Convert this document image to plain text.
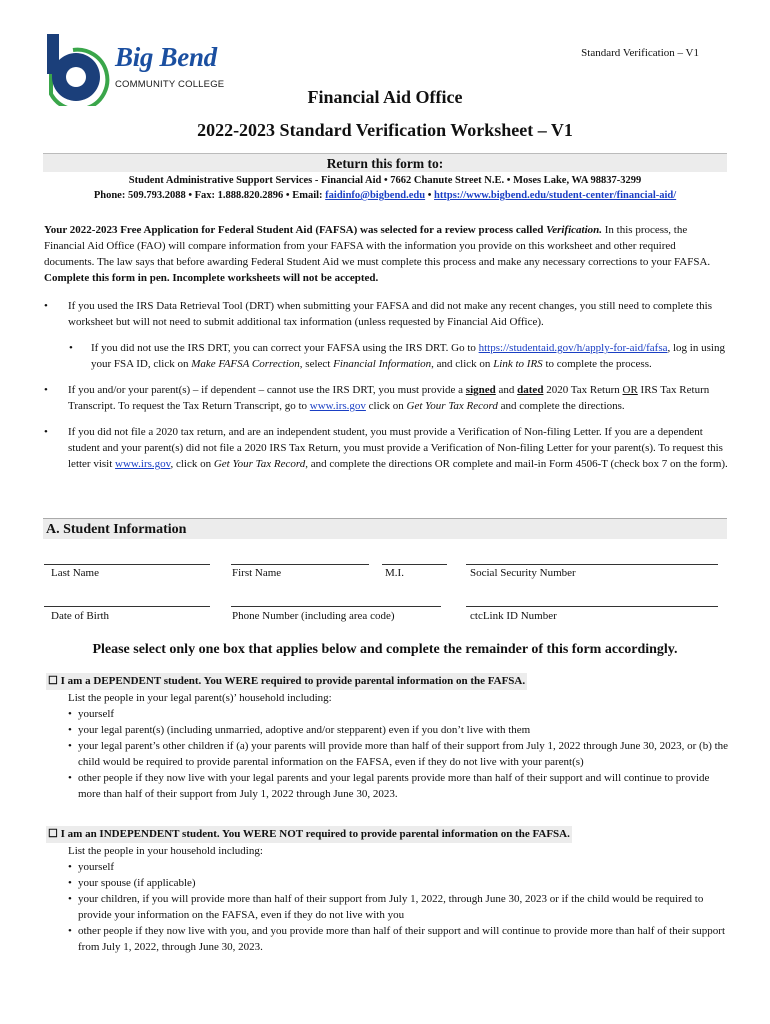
Big Bend
COMMUNITY COLLEGE
Standard Verification – V1
Financial Aid Office
2022-2023 Standard Verification Worksheet – V1
Return this form to:
Student Administrative Support Services - Financial Aid • 7662 Chanute Street N.E. • Moses Lake, WA 98837-3299
Phone: 509.793.2088 • Fax: 1.888.820.2896 • Email: faidinfo@bigbend.edu • https://www.bigbend.edu/student-center/financial-aid/
Your 2022-2023 Free Application for Federal Student Aid (FAFSA) was selected for a review process called Verification. In this process, the Financial Aid Office (FAO) will compare information from your FAFSA with the information you provide on this worksheet and other required documents. The law says that before awarding Federal Student Aid we must complete this process and make any necessary corrections to your FAFSA. Complete this form in pen. Incomplete worksheets will not be accepted.
• If you used the IRS Data Retrieval Tool (DRT) when submitting your FAFSA and did not make any recent changes, you still need to complete this worksheet but will not need to submit additional tax information (unless requested by Financial Aid Office).
• If you did not use the IRS DRT, you can correct your FAFSA using the IRS DRT. Go to https://studentaid.gov/h/apply-for-aid/fafsa, log in using your FSA ID, click on Make FAFSA Correction, select Financial Information, and click on Link to IRS to complete the process.
• If you and/or your parent(s) – if dependent – cannot use the IRS DRT, you must provide a signed and dated 2020 Tax Return OR IRS Tax Return Transcript. To request the Tax Return Transcript, go to www.irs.gov click on Get Your Tax Record and complete the directions.
• If you did not file a 2020 tax return, and are an independent student, you must provide a Verification of Non-filing Letter. If you are a dependent student and your parent(s) did not file a 2020 IRS Tax Return, you must provide a Verification of Non-filing Letter for your parent(s). To request this letter visit www.irs.gov, click on Get Your Tax Record, and complete the directions OR complete and mail-in Form 4506-T (check box 7 on the form).
A. Student Information
Last Name	First Name	M.I.	Social Security Number
Date of Birth	Phone Number (including area code)	ctcLink ID Number
Please select only one box that applies below and complete the remainder of this form accordingly.
☐ I am a DEPENDENT student. You WERE required to provide parental information on the FAFSA.
List the people in your legal parent(s)’ household including:
• yourself
• your legal parent(s) (including unmarried, adoptive and/or stepparent) even if you don’t live with them
• your legal parent’s other children if (a) your parents will provide more than half of their support from July 1, 2022 through June 30, 2023, or (b) the child would be required to provide parental information on the FAFSA, even if they do not live with your parent(s)
• other people if they now live with your legal parents and your legal parents provide more than half of their support and will continue to provide more than half of their support from July 1, 2022 through June 30, 2023.
☐ I am an INDEPENDENT student. You WERE NOT required to provide parental information on the FAFSA.
List the people in your household including:
• yourself
• your spouse (if applicable)
• your children, if you will provide more than half of their support from July 1, 2022, through June 30, 2023 or if the child would be required to provide your information on the FAFSA, even if they do not live with you
• other people if they now live with you, and you provide more than half of their support and will continue to provide more than half of their support from July 1, 2022, through June 30, 2023.
